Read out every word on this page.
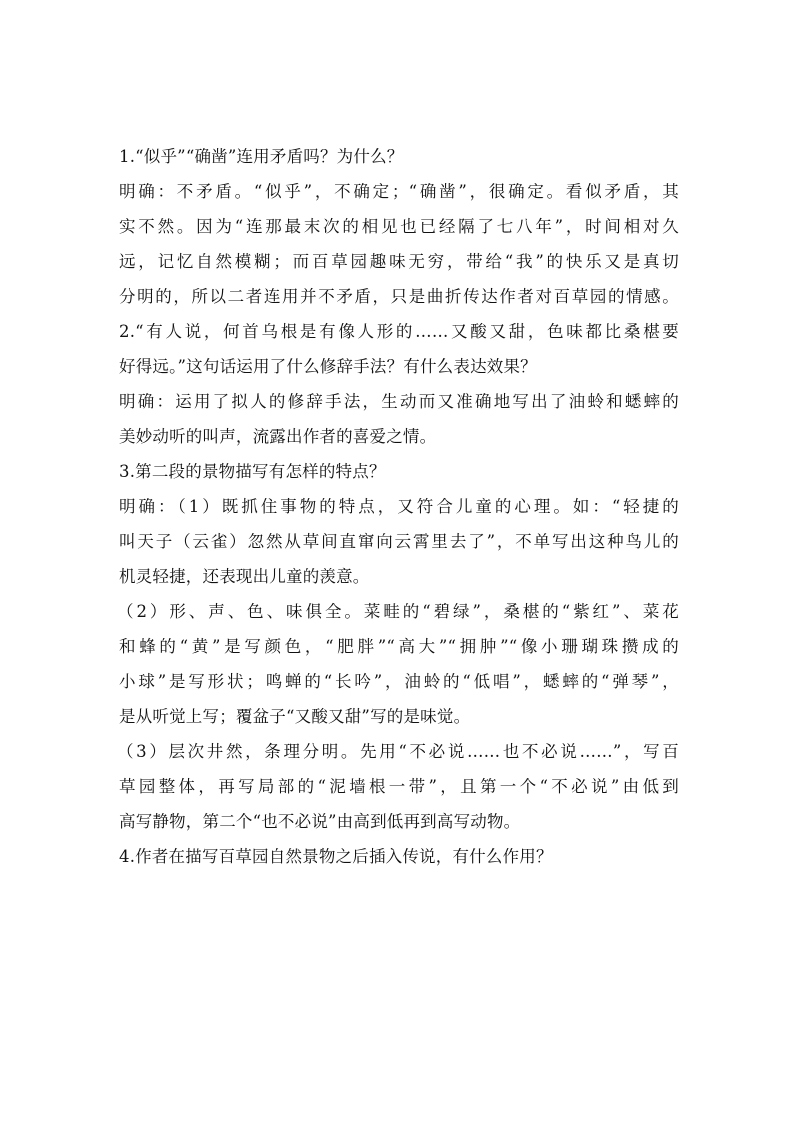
1.“似乎”“确凿”连用矛盾吗？为什么？
明确：不矛盾。“似乎”，不确定；“确凿”，很确定。看似矛盾，其
实不然。因为“连那最末次的相见也已经隔了七八年”，时间相对久
远，记忆自然模糊；而百草园趣味无穷，带给“我”的快乐又是真切
分明的，所以二者连用并不矛盾，只是曲折传达作者对百草园的情感。
2.“有人说，何首乌根是有像人形的……又酸又甜，色味都比桑椹要
好得远。”这句话运用了什么修辞手法？有什么表达效果？
明确：运用了拟人的修辞手法，生动而又准确地写出了油蛉和蟋蟀的
美妙动听的叫声，流露出作者的喜爱之情。
3.第二段的景物描写有怎样的特点？
明确：（1）既抓住事物的特点，又符合儿童的心理。如：“轻捷的
叫天子（云雀）忽然从草间直窜向云霄里去了”，不单写出这种鸟儿的
机灵轻捷，还表现出儿童的羡意。
（2）形、声、色、味俱全。菜畦的“碧绿”，桑椹的“紫红”、菜花
和蜂的“黄”是写颜色，“肥胖”“高大”“拥肿”“像小珊瑚珠攒成的
小球”是写形状；鸣蝉的“长吟”，油蛉的“低唱”，蟋蟀的“弹琴”，
是从听觉上写；覆盆子“又酸又甜”写的是味觉。
（3）层次井然，条理分明。先用“不必说……也不必说……”，写百
草园整体，再写局部的“泥墙根一带”，且第一个“不必说”由低到
高写静物，第二个“也不必说”由高到低再到高写动物。
4.作者在描写百草园自然景物之后插入传说，有什么作用？
